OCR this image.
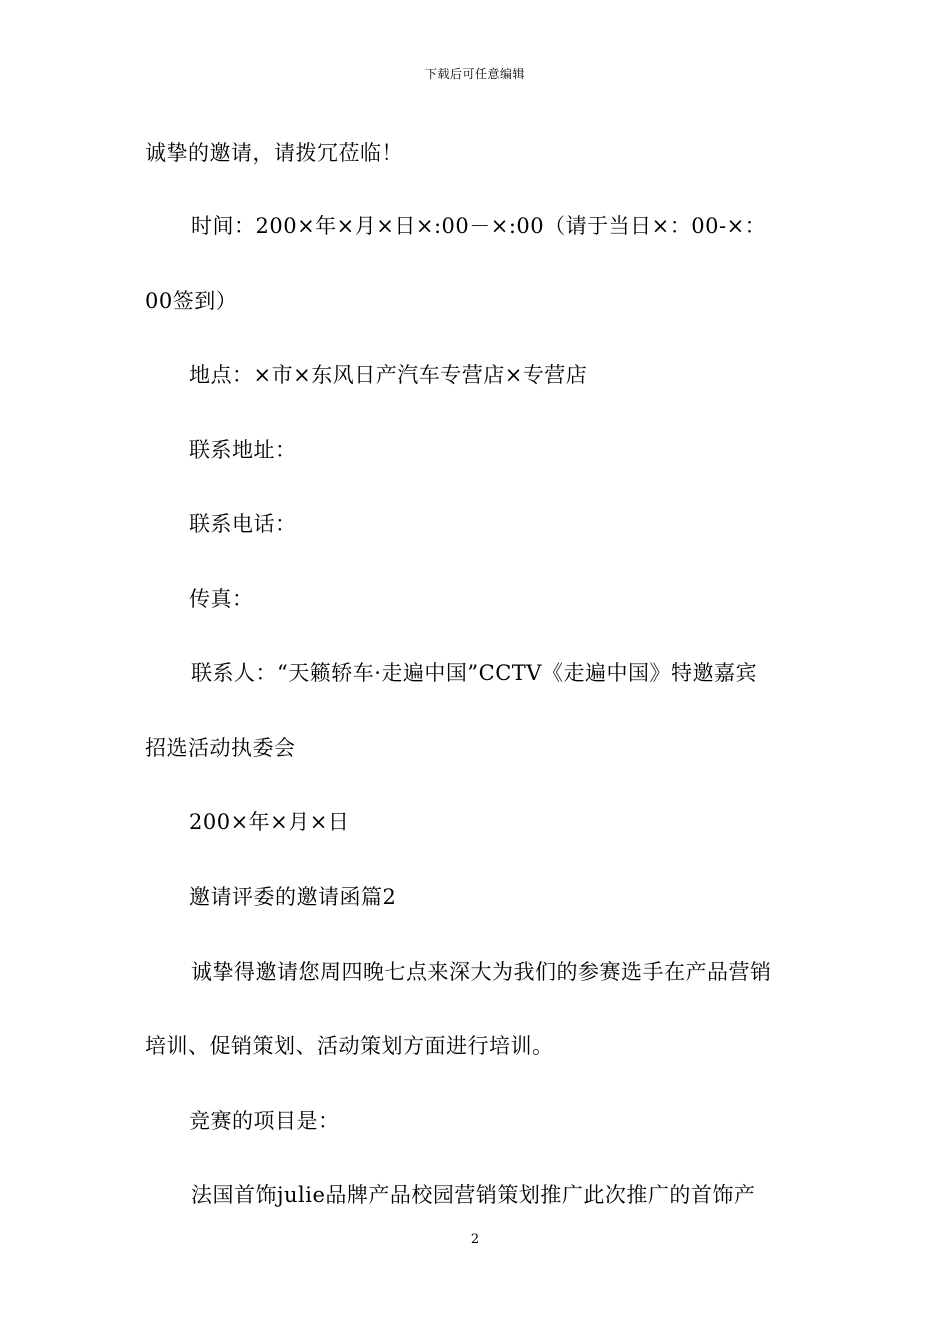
下载后可任意编辑
诚挚的邀请，请拨冗莅临！
时间：200×年×月×日×:00－×:00（请于当日×：00-×：
00签到）
地点：×市×东风日产汽车专营店×专营店
联系地址：
联系电话：
传真：
联系人：“天籁轿车·走遍中国”CCTV《走遍中国》特邀嘉宾
招选活动执委会
200×年×月×日
邀请评委的邀请函篇2
诚挚得邀请您周四晚七点来深大为我们的参赛选手在产品营销
培训、促销策划、活动策划方面进行培训。
竞赛的项目是：
法国首饰julie品牌产品校园营销策划推广此次推广的首饰产
2
